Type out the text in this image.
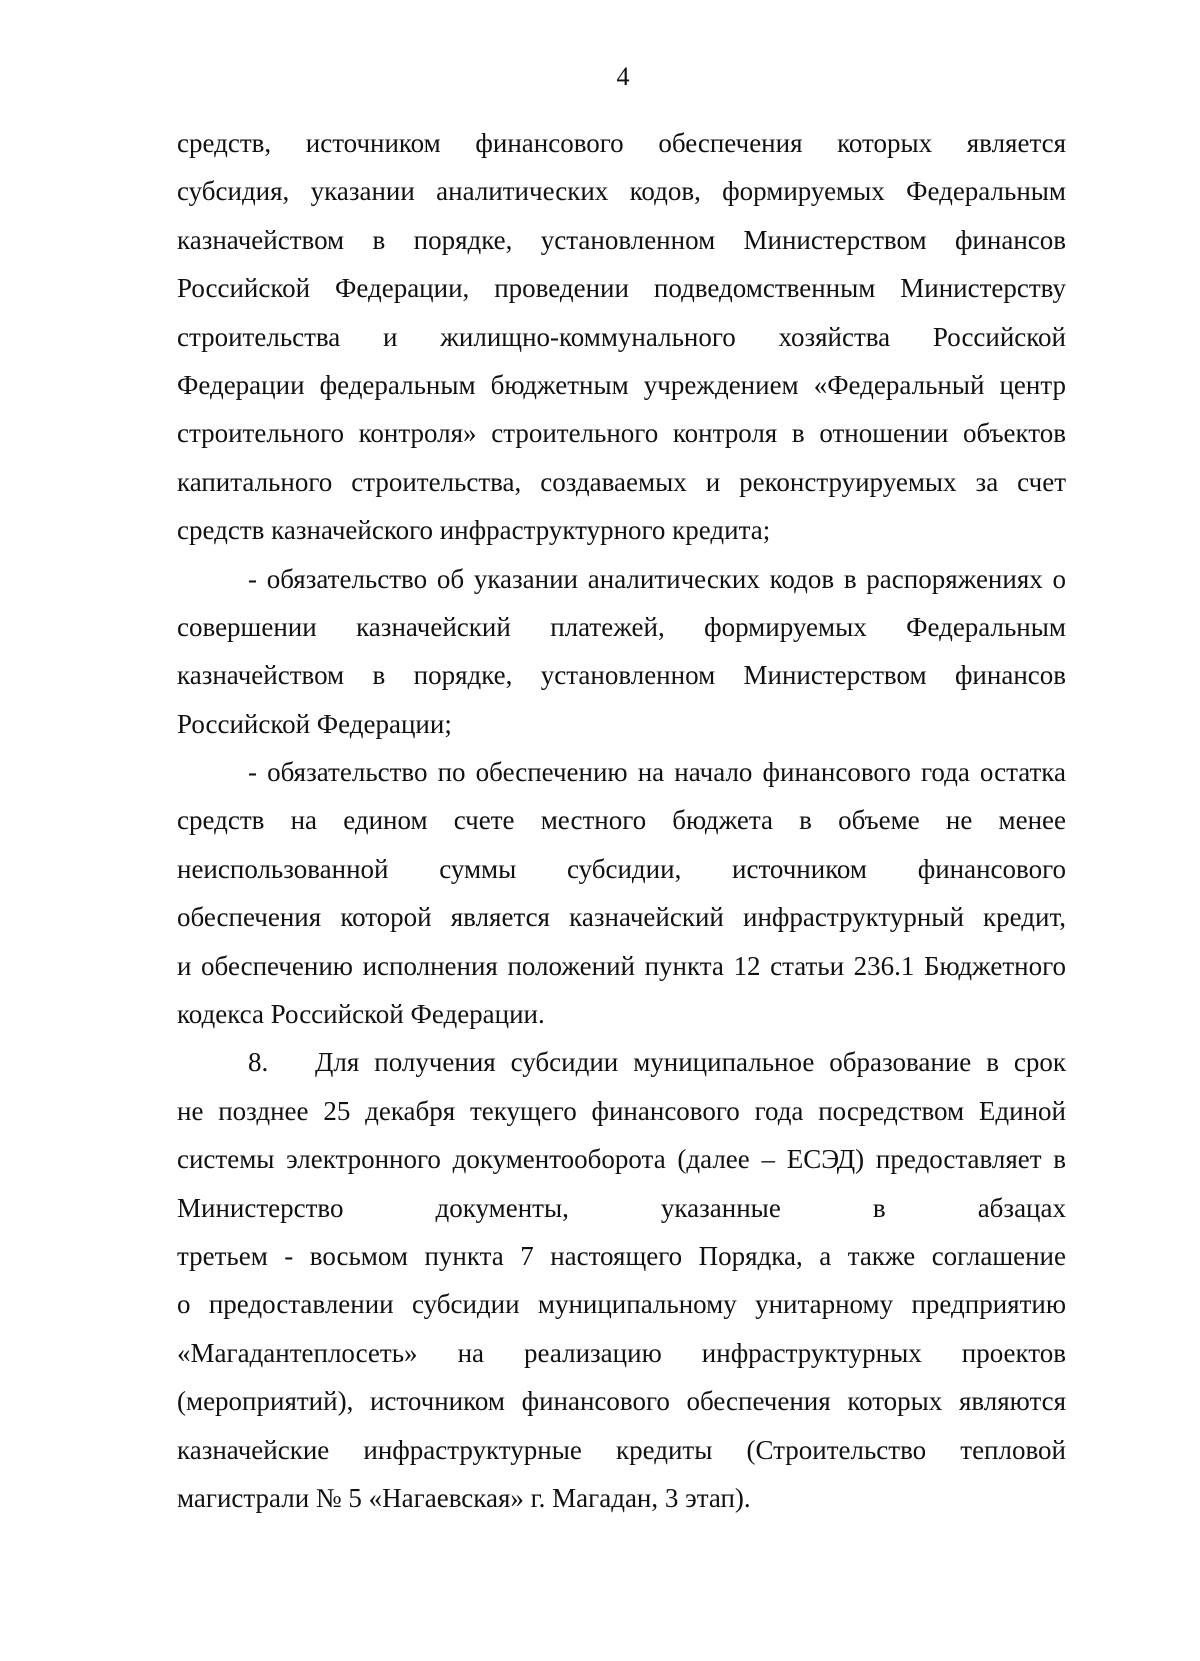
4
средств, источником финансового обеспечения которых является
субсидия, указании аналитических кодов, формируемых Федеральным
казначейством в порядке, установленном Министерством финансов
Российской Федерации, проведении подведомственным Министерству
строительства и жилищно-коммунального хозяйства Российской
Федерации федеральным бюджетным учреждением «Федеральный центр
строительного контроля» строительного контроля в отношении объектов
капитального строительства, создаваемых и реконструируемых за счет
средств казначейского инфраструктурного кредита;
- обязательство об указании аналитических кодов в распоряжениях о
совершении казначейский платежей, формируемых Федеральным
казначейством в порядке, установленном Министерством финансов
Российской Федерации;
- обязательство по обеспечению на начало финансового года остатка
средств на едином счете местного бюджета в объеме не менее
неиспользованной суммы субсидии, источником финансового
обеспечения которой является казначейский инфраструктурный кредит,
и обеспечению исполнения положений пункта 12 статьи 236.1 Бюджетного
кодекса Российской Федерации.
8.	Для получения субсидии муниципальное образование в срок
не позднее 25 декабря текущего финансового года посредством Единой
системы электронного документооборота (далее – ЕСЭД) предоставляет в
Министерство документы, указанные в абзацах
третьем - восьмом пункта 7 настоящего Порядка, а также соглашение
о предоставлении субсидии муниципальному унитарному предприятию
«Магадантеплосеть» на реализацию инфраструктурных проектов
(мероприятий), источником финансового обеспечения которых являются
казначейские инфраструктурные кредиты (Строительство тепловой
магистрали № 5 «Нагаевская» г. Магадан, 3 этап).
